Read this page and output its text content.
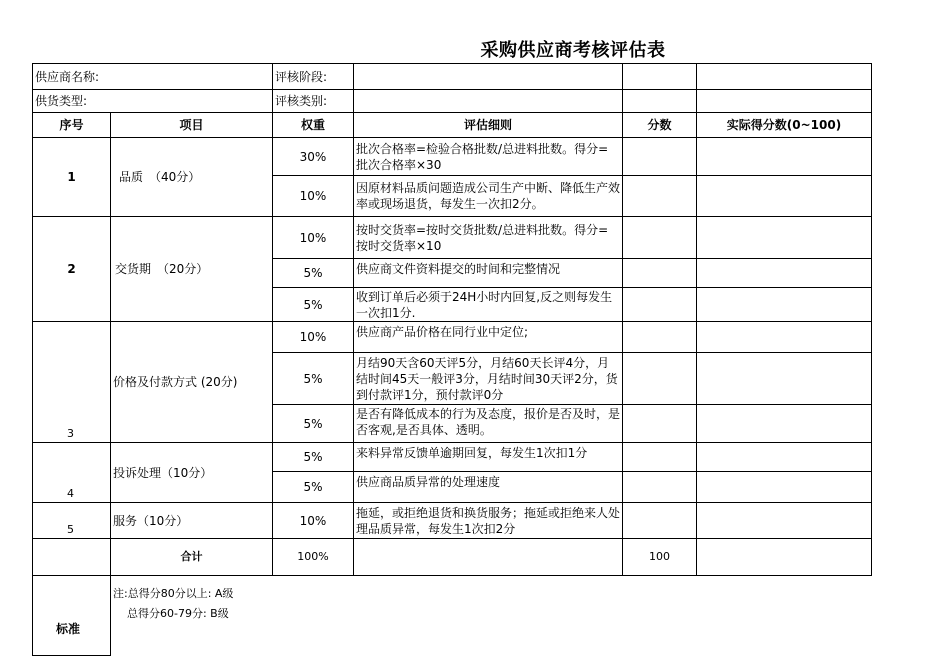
采购供应商考核评估表
供应商名称:		评核阶段:			
供货类型:		评核类别:			
序号	项目	权重	评估细则	分数	实际得分数(0~100)
1	品质　（40分）	30%	批次合格率=检验合格批数/总进料批数。得分=批次合格率×30		
		10%	因原材料品质问题造成公司生产中断、降低生产效率或现场退货，每发生一次扣2分。		
2	交货期　（20分）	10%	按时交货率=按时交货批数/总进料批数。得分=按时交货率×10		
		5%	供应商文件资料提交的时间和完整情况		
		5%	收到订单后必须于24H小时内回复,反之则每发生一次扣1分.		
3	价格及付款方式 (20分)	10%	供应商产品价格在同行业中定位;		
		5%	月结90天含60天评5分，月结60天长评4分，月结时间45天一般评3分，月结时间30天评2分，货到付款评1分，预付款评0分		
		5%	是否有降低成本的行为及态度，报价是否及时，是否客观,是否具体、透明。		
4	投诉处理（10分）	5%	来料异常反馈单逾期回复，每发生1次扣1分		
		5%	供应商品质异常的处理速度		
5	服务（10分）	10%	拖延，或拒绝退货和换货服务；拖延或拒绝来人处理品质异常，每发生1次扣2分		
	合计	100%		100	

	注:总得分80分以上: A级
总得分60-79分: B级				
标准
